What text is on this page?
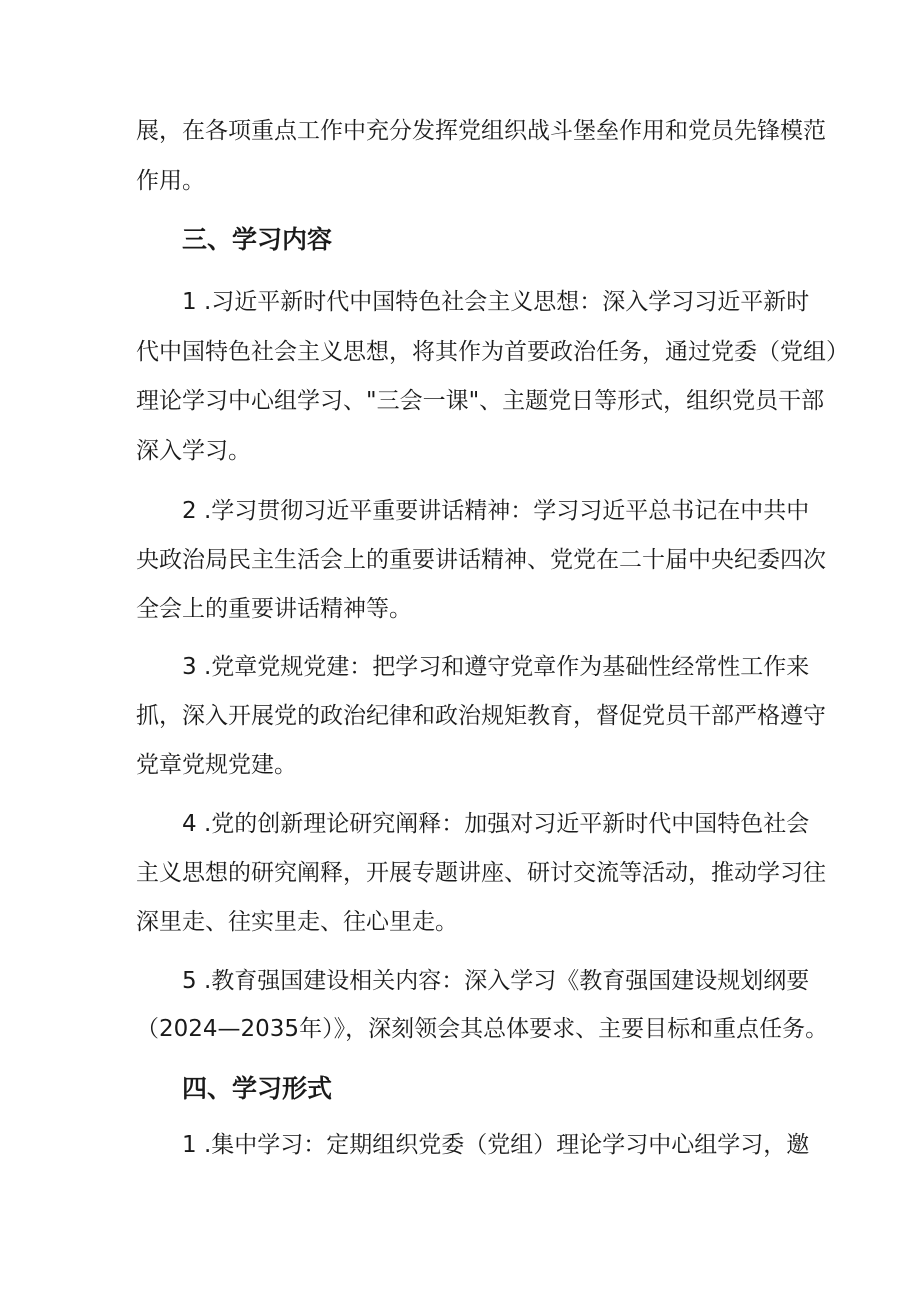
展，在各项重点工作中充分发挥党组织战斗堡垒作用和党员先锋模范
作用。
三、学习内容
1 .习近平新时代中国特色社会主义思想：深入学习习近平新时
代中国特色社会主义思想，将其作为首要政治任务，通过党委（党组）
理论学习中心组学习、"三会一课"、主题党日等形式，组织党员干部
深入学习。
2 .学习贯彻习近平重要讲话精神：学习习近平总书记在中共中
央政治局民主生活会上的重要讲话精神、党党在二十届中央纪委四次
全会上的重要讲话精神等。
3 .党章党规党建：把学习和遵守党章作为基础性经常性工作来
抓，深入开展党的政治纪律和政治规矩教育，督促党员干部严格遵守
党章党规党建。
4 .党的创新理论研究阐释：加强对习近平新时代中国特色社会
主义思想的研究阐释，开展专题讲座、研讨交流等活动，推动学习往
深里走、往实里走、往心里走。
5 .教育强国建设相关内容：深入学习《教育强国建设规划纲要
（2024—2035年）》，深刻领会其总体要求、主要目标和重点任务。
四、学习形式
1 .集中学习：定期组织党委（党组）理论学习中心组学习，邀
